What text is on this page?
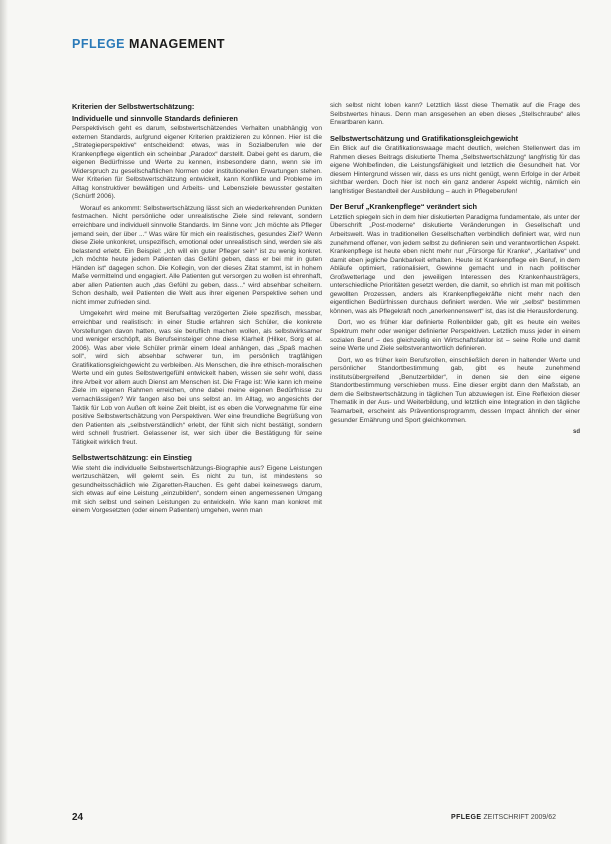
PFLEGE MANAGEMENT
Kriterien der Selbstwertschätzung:
Individuelle und sinnvolle Standards definieren

Perspektivisch geht es darum, selbstwertschätzendes Verhalten unabhängig von externen Standards, aufgrund eigener Kriterien praktizieren zu können. Hier ist die „Strategieperspektive“ entscheidend: etwas, was in Sozialberufen wie der Krankenpflege eigentlich ein scheinbar „Paradox“ darstellt. Dabei geht es darum, die eigenen Bedürfnisse und Werte zu kennen, insbesondere dann, wenn sie im Widerspruch zu gesellschaftlichen Normen oder institutionellen Erwartungen stehen. Wer Kriterien für Selbstwertschätzung entwickelt, kann Konflikte und Probleme im Alltag konstruktiver bewältigen und Arbeits- und Lebensziele bewusster gestalten (Schürff 2006).

Worauf es ankommt: Selbstwertschätzung lässt sich an wiederkehrenden Punkten festmachen. Nicht persönliche oder unrealistische Ziele sind relevant, sondern erreichbare und individuell sinnvolle Standards. Im Sinne von: „Ich möchte als Pfleger jemand sein, der über ...“ Was wäre für mich ein realistisches, gesundes Ziel? Wenn diese Ziele unkonkret, unspezifisch, emotional oder unrealistisch sind, werden sie als belastend erlebt. Ein Beispiel: „Ich will ein guter Pfleger sein“ ist zu wenig konkret. „Ich möchte heute jedem Patienten das Gefühl geben, dass er bei mir in guten Händen ist“ dagegen schon. Die Kollegin, von der dieses Zitat stammt, ist in hohem Maße vermittelnd und engagiert. Alle Patienten gut versorgen zu wollen ist ehrenhaft, aber allen Patienten auch „das Gefühl zu geben, dass...“ wird absehbar scheitern. Schon deshalb, weil Patienten die Welt aus ihrer eigenen Perspektive sehen und nicht immer zufrieden sind.

Umgekehrt wird meine mit Berufsalltag verzögerten Ziele spezifisch, messbar, erreichbar und realistisch: in einer Studie erfahren sich Schüler, die konkrete Vorstellungen davon hatten, was sie beruflich machen wollen, als selbstwirksamer und weniger erschöpft, als Berufseinsteiger ohne diese Klarheit (Hilker, Sorg et al. 2006). Was aber viele Schüler primär einem Ideal anhängen, das „Spaß machen soll“, wird sich absehbar schwerer tun, im persönlich tragfähigen Gratifikationsgleichgewicht zu verbleiben. Als Menschen, die ihre ethisch-moralischen Werte und ein gutes Selbstwertgefühl entwickelt haben, wissen sie sehr wohl, dass ihre Arbeit vor allem auch Dienst am Menschen ist. Die Frage ist: Wie kann ich meine Ziele im eigenen Rahmen erreichen, ohne dabei meine eigenen Bedürfnisse zu vernachlässigen? Wir fangen also bei uns selbst an. Im Alltag, wo angesichts der Taktik für Lob von Außen oft keine Zeit bleibt, ist es eben die Vorwegnahme für eine positive Selbstwertschätzung von Perspektiven. Wer eine freundliche Begrüßung von den Patienten als „selbstverständlich“ erlebt, der fühlt sich nicht bestätigt, sondern wird schnell frustriert. Gelassener ist, wer sich über die Bestätigung für seine Tätigkeit wirklich freut.

Selbstwertschätzung: ein Einstieg

Wie steht die individuelle Selbstwertschätzungs-Biographie aus? Eigene Leistungen wertzuschätzen, will gelernt sein. Es nicht zu tun, ist mindestens so gesundheitsschädlich wie Zigaretten-Rauchen. Es geht dabei keineswegs darum, sich etwas auf eine Leistung „einzubilden“, sondern einen angemessenen Umgang mit sich selbst und seinen Leistungen zu entwickeln. Wie kann man konkret mit einem Vorgesetzten (oder einem Patienten) umgehen, wenn man

sich selbst nicht loben kann? Letztlich lässt diese Thematik auf die Frage des Selbstwertes hinaus. Denn man ansgesehen an eben dieses „Stellschraube“ alles Erwartbaren kann.

Selbstwertschätzung und Gratifikationsgleichgewicht

Ein Blick auf die Gratifikationswaage macht deutlich, welchen Stellenwert das im Rahmen dieses Beitrags diskutierte Thema „Selbstwertschätzung“ langfristig für das eigene Wohlbefinden, die Leistungsfähigkeit und letztlich die Gesundheit hat. Vor diesem Hintergrund wissen wir, dass es uns nicht genügt, wenn Erfolge in der Arbeit sichtbar werden. Doch hier ist noch ein ganz anderer Aspekt wichtig, nämlich ein langfristiger Bestandteil der Ausbildung – auch in Pflegeberufen!

Der Beruf „Krankenpflege“ verändert sich

Letztlich spiegeln sich in dem hier diskutierten Paradigma fundamentale, als unter der Überschrift „Post-moderne“ diskutierte Veränderungen in Gesellschaft und Arbeitswelt. Was in traditionellen Gesellschaften verbindlich definiert war, wird nun zunehmend offener, von jedem selbst zu definieren sein und verantwortlichen Aspekt. Krankenpflege ist heute eben nicht mehr nur „Fürsorge für Kranke“, „Karitative“ und damit eben jegliche Dankbarkeit erhalten. Heute ist Krankenpflege ein Beruf, in dem Abläufe optimiert, rationalisiert, Gewinne gemacht und in nach politischer Großwetterlage und den jeweiligen Interessen des Krankenhausträgers, unterschiedliche Prioritäten gesetzt werden, die damit, so ehrlich ist man mit politisch gewollten Prozessen, anders als Krankenpflegekräfte nicht mehr nach den eigentlichen Bedürfnissen durchaus definiert werden. Wie wir „selbst“ bestimmen können, was als Pflegekraft noch „anerkennenswert“ ist, das ist die Herausforderung.

Dort, wo es früher klar definierte Rollenbilder gab, gilt es heute ein weites Spektrum mehr oder weniger definierter Perspektiven. Letztlich muss jeder in einem sozialen Beruf – des gleichzeitig ein Wirtschaftsfaktor ist – seine Rolle und damit seine Werte und Ziele selbstverantwortlich definieren.

Dort, wo es früher kein Berufsrollen, einschließlich deren in haltender Werte und persönlicher Standortbestimmung gab, gibt es heute zunehmend institutsübergreifend „Benutzerbilder“, in denen sie den eine eigene Standortbestimmung verschieben muss. Eine dieser ergibt dann den Maßstab, an dem die Selbstwertschätzung in täglichen Tun abzuwiegen ist. Eine Reflexion dieser Thematik in der Aus- und Weiterbildung, und letztlich eine Integration in den tägliche Teamarbeit, erscheint als Präventionsprogramm, dessen Impact ähnlich der einer gesunder Ernährung und Sport gleichkommen.

sd
24	PFLEGE ZEITSCHRIFT 2009/62
